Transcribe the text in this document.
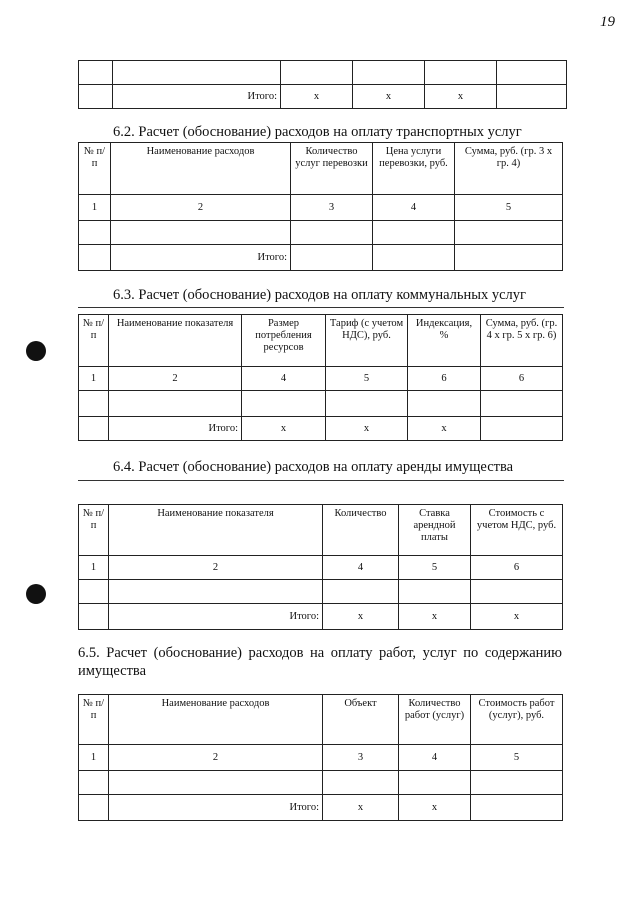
19

	Итого:	x	x	x	
6.2. Расчет (обоснование) расходов на оплату транспортных услуг
№ п/п	Наименование расходов	Количество услуг перевозки	Цена услуги перевозки, руб.	Сумма, руб. (гр. 3 х гр. 4)
1	2	3	4	5

	Итого:			
6.3. Расчет (обоснование) расходов на оплату коммунальных услуг
№ п/п	Наименование показателя	Размер потребления ресурсов	Тариф (с учетом НДС), руб.	Индексация, %	Сумма, руб. (гр. 4 х гр. 5 х гр. 6)
1	2	4	5	6	6

	Итого:	x	x	x	
6.4. Расчет (обоснование) расходов на оплату аренды имущества
№ п/п	Наименование показателя	Количество	Ставка арендной платы	Стоимость с учетом НДС, руб.
1	2	4	5	6

	Итого:	x	x	x
6.5. Расчет (обоснование) расходов на оплату работ, услуг по содержанию имущества
№ п/п	Наименование расходов	Объект	Количество работ (услуг)	Стоимость работ (услуг), руб.
1	2	3	4	5

	Итого:	x	x	
